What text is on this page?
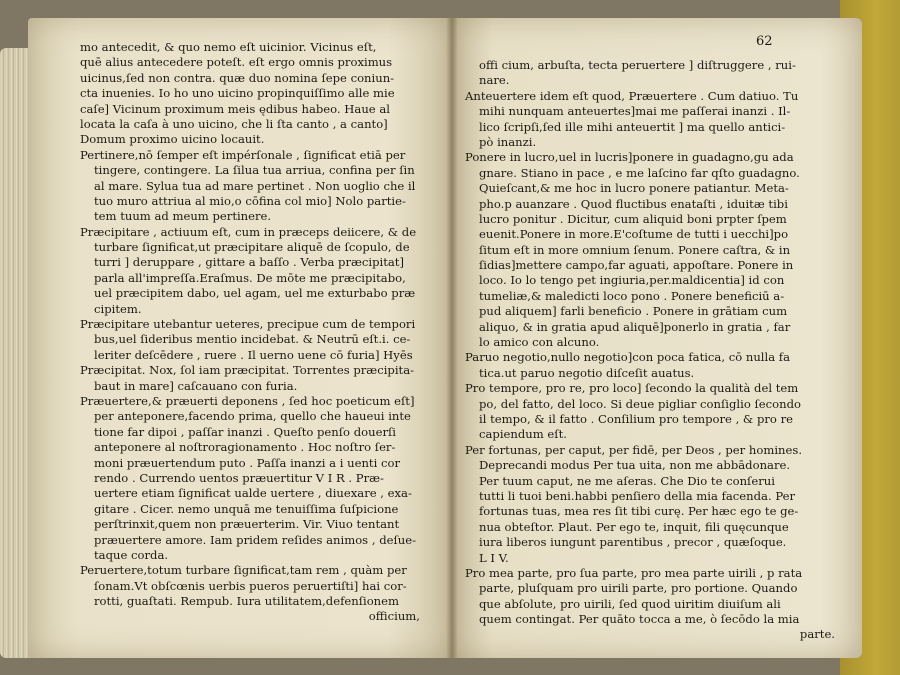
62
mo antecedit, & quo nemo eſt uicinior. Vicinus eſt,
quē alius antecedere poteſt. eſt ergo omnis proximus
uicinus,ſed non contra. quæ duo nomina ſepe coniun-
cta inuenies. Io ho uno uicino propinquiſſimo alle mie
caſe] Vicinum proximum meis ędibus habeo. Haue al
locata la caſa à uno uicino, che li ſta canto , a canto]
Domum proximo uicino locauit.
Pertinere,nō ſemper eſt impérſonale , ſignificat etiā per
tingere, contingere. La ſilua tua arriua, confina per ſin
al mare. Sylua tua ad mare pertinet . Non uoglio che il
tuo muro attriua al mio,o cōfina col mio] Nolo partie-
tem tuum ad meum pertinere.
Præcipitare , actiuum eſt, cum in præceps deiicere, & de
turbare ſignificat,ut præcipitare aliquē de ſcopulo, de
turri ] deruppare , gittare a baſſo . Verba præcipitat]
parla all'impreſſa.Eraſmus. De mōte me præcipitabo,
uel præcipitem dabo, uel agam, uel me exturbabo præ
cipitem.
Præcipitare utebantur ueteres, precipue cum de tempori
bus,uel ſideribus mentio incidebat. & Neutrū eſt.i. ce-
leriter deſcēdere , ruere . Il uerno uene cō furia] Hyēs
Præcipitat. Nox, ſol iam præcipitat. Torrentes præcipita-
baut in mare] caſcauano con furia.
Præuertere,& præuerti deponens , ſed hoc poeticum eſt]
per anteponere,facendo prima, quello che haueui inte
tione far dipoi , paſſar inanzi . Queſto penſo douerſi
anteponere al noſtroragionamento . Hoc noſtro ſer-
moni præuertendum puto . Paſſa inanzi a i uenti cor
rendo . Currendo uentos præuertitur V I R . Præ-
uertere etiam ſignificat ualde uertere , diuexare , exa-
gitare . Cicer. nemo unquā me tenuiſſima ſuſpicione
perſtrinxit,quem non præuerterim. Vir. Viuo tentant
præuertere amore. Iam pridem reſides animos , deſue-
taque corda.
Peruertere,totum turbare ſignificat,tam rem , quàm per
ſonam.Vt obſcœnis uerbis pueros peruertiſti] hai cor-
rotti, guaſtati. Rempub. Iura utilitatem,defenſionem
officium,
offi cium, arbuſta, tecta peruertere ] diſtruggere , rui-
nare.
Anteuertere idem eſt quod, Præuertere . Cum datiuo. Tu
mihi nunquam anteuertes]mai me paſſerai inanzi . Il-
lico ſcripſi,ſed ille mihi anteuertit ] ma quello antici-
pò inanzi.
Ponere in lucro,uel in lucris]ponere in guadagno,gu ada
gnare. Stiano in pace , e me laſcino far qſto guadagno.
Quieſcant,& me hoc in lucro ponere patiantur. Meta-
pho.p auanzare . Quod fluctibus enataſti , iduitæ tibi
lucro ponitur . Dicitur, cum aliquid boni prpter ſpem
euenit.Ponere in more.E'coſtume de tutti i uecchi]po
ſitum eſt in more omnium ſenum. Ponere caſtra, & in
ſidias]mettere campo,far aguati, appoſtare. Ponere in
loco. Io lo tengo pet ingiuria,per.maldicentia] id con
tumeliæ,& maledicti loco pono . Ponere beneficiū a-
pud aliquem] farli beneficio . Ponere in grātiam cum
aliquo, & in gratia apud aliquē]ponerlo in gratia , far
lo amico con alcuno.
Paruo negotio,nullo negotio]con poca fatica, cō nulla fa
tica.ut paruo negotio diſceſit auatus.
Pro tempore, pro re, pro loco] ſecondo la qualità del tem
po, del fatto, del loco. Si deue pigliar conſiglio ſecondo
il tempo, & il fatto . Conſilium pro tempore , & pro re
capiendum eſt.
Per fortunas, per caput, per fidē, per Deos , per homines.
Deprecandi modus Per tua uita, non me abbādonare.
Per tuum caput, ne me aſeras. Che Dio te conſerui
tutti li tuoi beni.habbi penſiero della mia facenda. Per
fortunas tuas, mea res ſit tibi curę. Per hæc ego te ge-
nua obteſtor. Plaut. Per ego te, inquit, fili quęcunque
iura liberos iungunt parentibus , precor , quæſoque.
L I V.
Pro mea parte, pro ſua parte, pro mea parte uirili , p rata
parte, pluſquam pro uirili parte, pro portione. Quando
que abſolute, pro uirili, ſed quod uiritim diuiſum ali
quem contingat. Per quāto tocca a me, ò ſecōdo la mia
parte.
